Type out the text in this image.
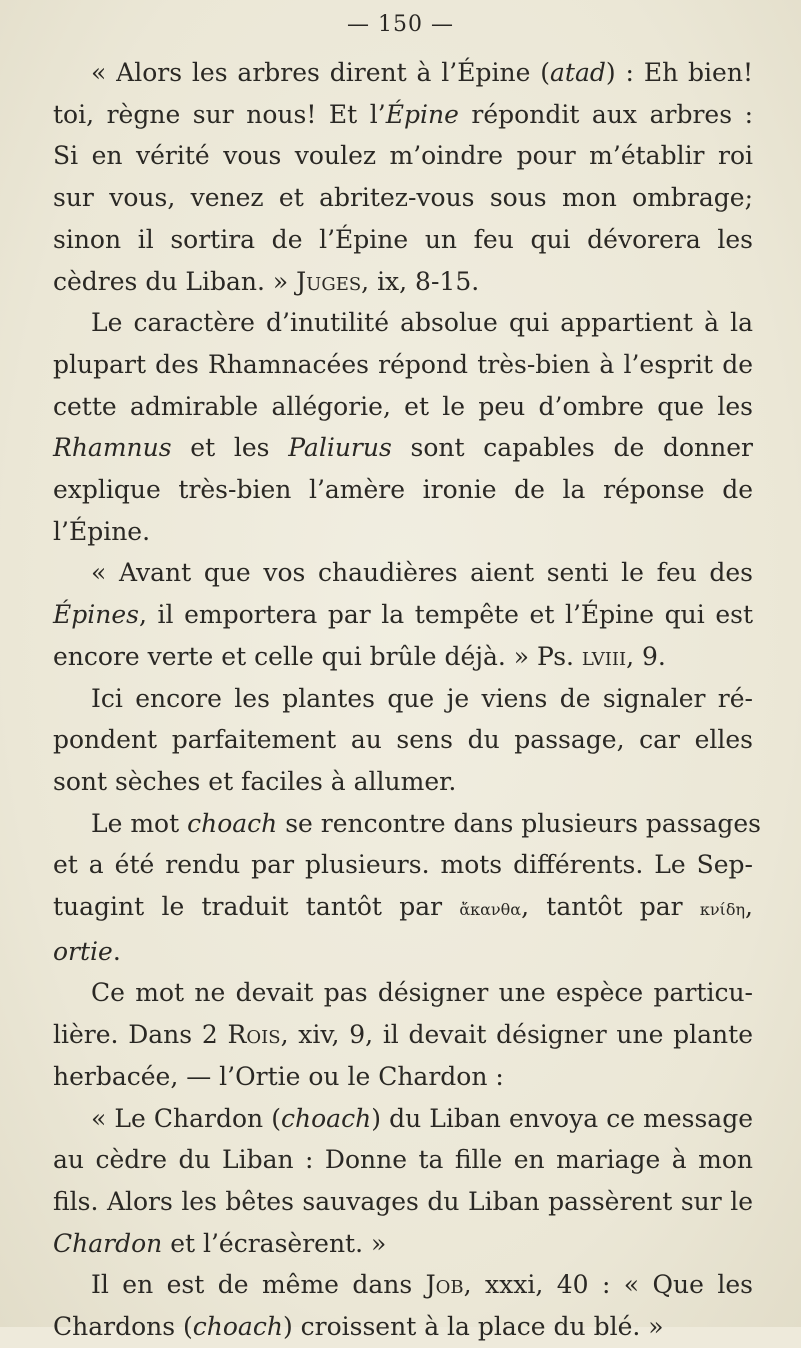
— 150 —
« Alors les arbres dirent à l’Épine (atad) : Eh bien!
toi, règne sur nous! Et l’Épine répondit aux arbres :
Si en vérité vous voulez m’oindre pour m’établir roi
sur vous, venez et abritez-vous sous mon ombrage;
sinon il sortira de l’Épine un feu qui dévorera les
cèdres du Liban. » Juges, ix, 8-15.
Le caractère d’inutilité absolue qui appartient à la
plupart des Rhamnacées répond très-bien à l’esprit de
cette admirable allégorie, et le peu d’ombre que les
Rhamnus et les Paliurus sont capables de donner
explique très-bien l’amère ironie de la réponse de
l’Épine.
« Avant que vos chaudières aient senti le feu des
Épines, il emportera par la tempête et l’Épine qui est
encore verte et celle qui brûle déjà. » Ps. lviii, 9.
Ici encore les plantes que je viens de signaler ré-
pondent parfaitement au sens du passage, car elles
sont sèches et faciles à allumer.
Le mot choach se rencontre dans plusieurs passages
et a été rendu par plusieurs. mots différents. Le Sep-
tuagint le traduit tantôt par ἄκανθα, tantôt par κνίδη,
ortie.
Ce mot ne devait pas désigner une espèce particu-
lière. Dans 2 Rois, xiv, 9, il devait désigner une plante
herbacée, — l’Ortie ou le Chardon :
« Le Chardon (choach) du Liban envoya ce message
au cèdre du Liban : Donne ta fille en mariage à mon
fils. Alors les bêtes sauvages du Liban passèrent sur le
Chardon et l’écrasèrent. »
Il en est de même dans Job, xxxi, 40 : « Que les
Chardons (choach) croissent à la place du blé. »
